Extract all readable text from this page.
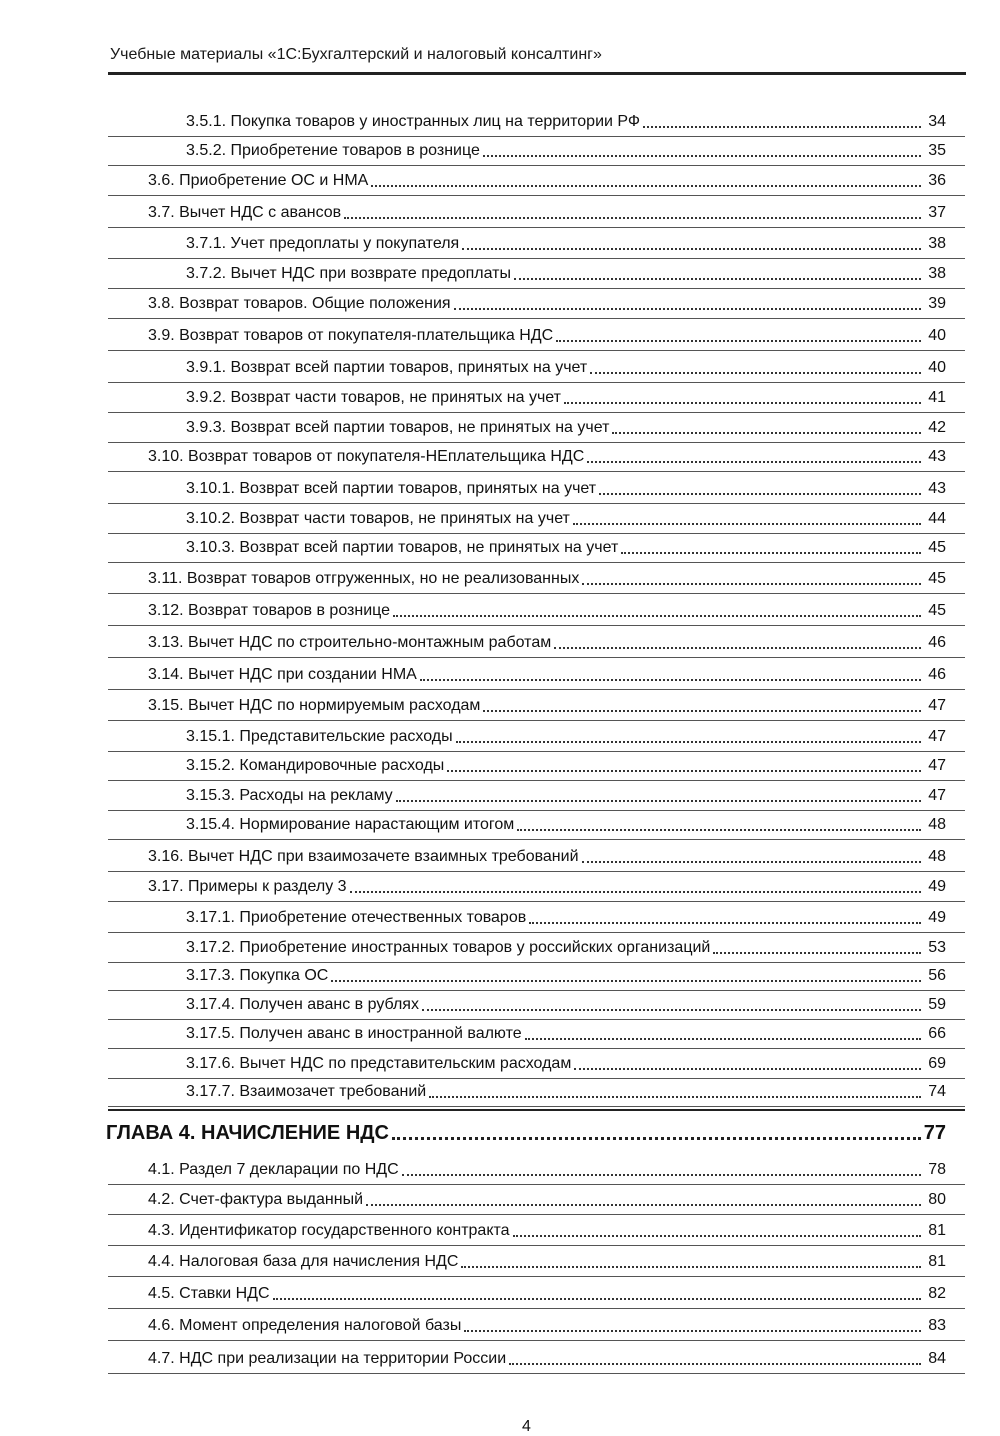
Учебные материалы «1С:Бухгалтерский и налоговый консалтинг»
3.5.1. Покупка товаров у иностранных лиц на территории РФ	34
3.5.2. Приобретение товаров в рознице	35
3.6. Приобретение ОС и НМА	36
3.7. Вычет НДС с авансов	37
3.7.1. Учет предоплаты у покупателя	38
3.7.2. Вычет НДС при возврате предоплаты	38
3.8. Возврат товаров. Общие положения	39
3.9. Возврат товаров от покупателя-плательщика НДС	40
3.9.1. Возврат всей партии товаров, принятых на учет	40
3.9.2. Возврат части товаров, не принятых на учет	41
3.9.3. Возврат всей партии товаров, не принятых на учет	42
3.10. Возврат товаров от покупателя-НЕплательщика НДС	43
3.10.1. Возврат всей партии товаров, принятых на учет	43
3.10.2. Возврат части товаров, не принятых на учет	44
3.10.3. Возврат всей партии товаров, не принятых на учет	45
3.11. Возврат товаров отгруженных, но не реализованных	45
3.12. Возврат товаров в рознице	45
3.13. Вычет НДС по строительно-монтажным работам	46
3.14. Вычет НДС при создании НМА	46
3.15. Вычет НДС по нормируемым расходам	47
3.15.1. Представительские расходы	47
3.15.2. Командировочные расходы	47
3.15.3. Расходы на рекламу	47
3.15.4. Нормирование нарастающим итогом	48
3.16. Вычет НДС при взаимозачете взаимных требований	48
3.17. Примеры к разделу 3	49
3.17.1. Приобретение отечественных товаров	49
3.17.2. Приобретение иностранных товаров у российских организаций	53
3.17.3. Покупка ОС	56
3.17.4. Получен аванс в рублях	59
3.17.5. Получен аванс в иностранной валюте	66
3.17.6. Вычет НДС по представительским расходам	69
3.17.7. Взаимозачет требований	74
ГЛАВА 4. НАЧИСЛЕНИЕ НДС	77
4.1. Раздел 7 декларации по НДС	78
4.2. Счет-фактура выданный	80
4.3. Идентификатор государственного контракта	81
4.4. Налоговая база для начисления НДС	81
4.5. Ставки НДС	82
4.6. Момент определения налоговой базы	83
4.7. НДС при реализации на территории России	84
4
